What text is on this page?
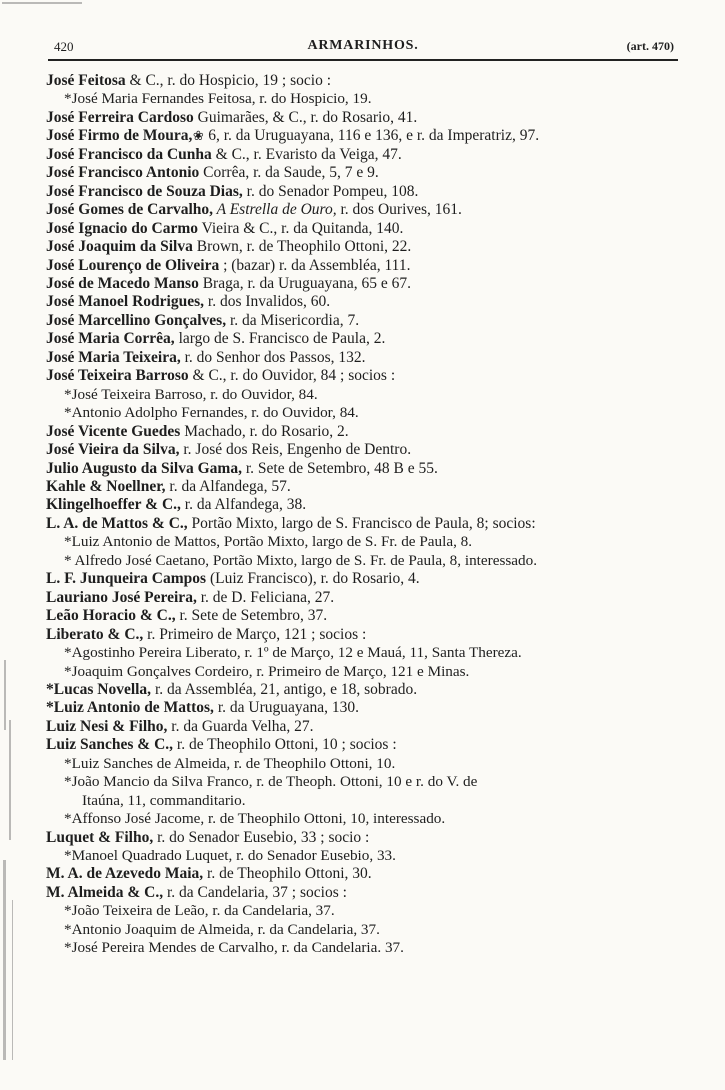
420	ARMARINHOS.	(art. 470)
José Feitosa & C., r. do Hospicio, 19 ; socio :
*José Maria Fernandes Feitosa, r. do Hospicio, 19.
José Ferreira Cardoso Guimarães, & C., r. do Rosario, 41.
José Firmo de Moura,❀ 6, r. da Uruguayana, 116 e 136, e r. da Imperatriz, 97.
José Francisco da Cunha & C., r. Evaristo da Veiga, 47.
José Francisco Antonio Corrêa, r. da Saude, 5, 7 e 9.
José Francisco de Souza Dias, r. do Senador Pompeu, 108.
José Gomes de Carvalho, A Estrella de Ouro, r. dos Ourives, 161.
José Ignacio do Carmo Vieira & C., r. da Quitanda, 140.
José Joaquim da Silva Brown, r. de Theophilo Ottoni, 22.
José Lourenço de Oliveira ; (bazar) r. da Assembléa, 111.
José de Macedo Manso Braga, r. da Uruguayana, 65 e 67.
José Manoel Rodrigues, r. dos Invalidos, 60.
José Marcellino Gonçalves, r. da Misericordia, 7.
José Maria Corrêa, largo de S. Francisco de Paula, 2.
José Maria Teixeira, r. do Senhor dos Passos, 132.
José Teixeira Barroso & C., r. do Ouvidor, 84 ; socios :
*José Teixeira Barroso, r. do Ouvidor, 84.
*Antonio Adolpho Fernandes, r. do Ouvidor, 84.
José Vicente Guedes Machado, r. do Rosario, 2.
José Vieira da Silva, r. José dos Reis, Engenho de Dentro.
Julio Augusto da Silva Gama, r. Sete de Setembro, 48 B e 55.
Kahle & Noellner, r. da Alfandega, 57.
Klingelhoeffer & C., r. da Alfandega, 38.
L. A. de Mattos & C., Portão Mixto, largo de S. Francisco de Paula, 8; socios:
*Luiz Antonio de Mattos, Portão Mixto, largo de S. Fr. de Paula, 8.
* Alfredo José Caetano, Portão Mixto, largo de S. Fr. de Paula, 8, interessado.
L. F. Junqueira Campos (Luiz Francisco), r. do Rosario, 4.
Lauriano José Pereira, r. de D. Feliciana, 27.
Leão Horacio & C., r. Sete de Setembro, 37.
Liberato & C., r. Primeiro de Março, 121 ; socios :
*Agostinho Pereira Liberato, r. 1º de Março, 12 e Mauá, 11, Santa Thereza.
*Joaquim Gonçalves Cordeiro, r. Primeiro de Março, 121 e Minas.
*Lucas Novella, r. da Assembléa, 21, antigo, e 18, sobrado.
*Luiz Antonio de Mattos, r. da Uruguayana, 130.
Luiz Nesi & Filho, r. da Guarda Velha, 27.
Luiz Sanches & C., r. de Theophilo Ottoni, 10 ; socios :
*Luiz Sanches de Almeida, r. de Theophilo Ottoni, 10.
*João Mancio da Silva Franco, r. de Theoph. Ottoni, 10 e r. do V. de
Itaúna, 11, commanditario.
*Affonso José Jacome, r. de Theophilo Ottoni, 10, interessado.
Luquet & Filho, r. do Senador Eusebio, 33 ; socio :
*Manoel Quadrado Luquet, r. do Senador Eusebio, 33.
M. A. de Azevedo Maia, r. de Theophilo Ottoni, 30.
M. Almeida & C., r. da Candelaria, 37 ; socios :
*João Teixeira de Leão, r. da Candelaria, 37.
*Antonio Joaquim de Almeida, r. da Candelaria, 37.
*José Pereira Mendes de Carvalho, r. da Candelaria. 37.
